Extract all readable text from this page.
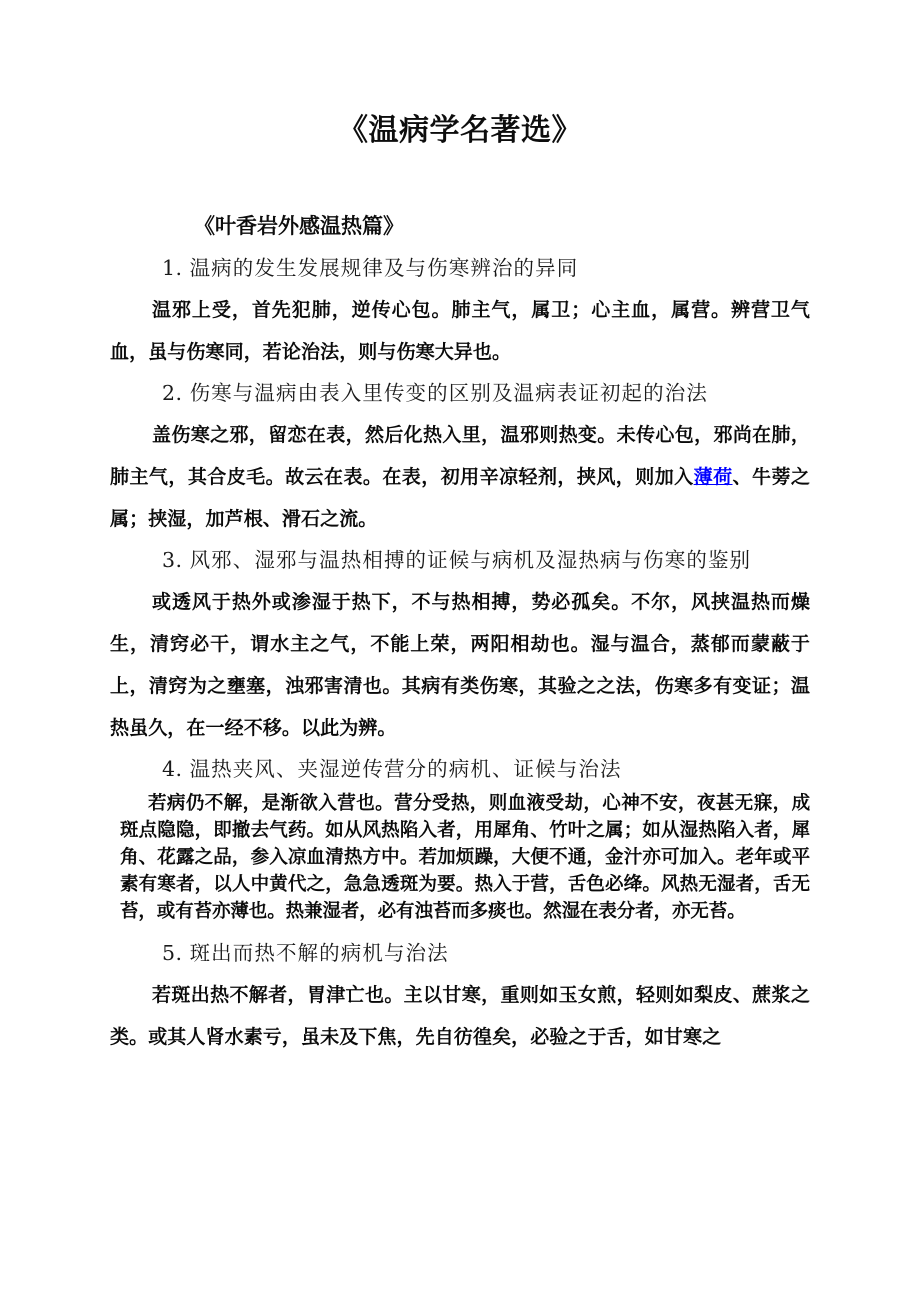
《温病学名著选》

《叶香岩外感温热篇》

1. 温病的发生发展规律及与伤寒辨治的异同

温邪上受，首先犯肺，逆传心包。肺主气，属卫；心主血，属营。辨营卫气血，虽与伤寒同，若论治法，则与伤寒大异也。

2. 伤寒与温病由表入里传变的区别及温病表证初起的治法

盖伤寒之邪，留恋在表，然后化热入里，温邪则热变。未传心包，邪尚在肺，肺主气，其合皮毛。故云在表。在表，初用辛凉轻剂，挟风，则加入薄荷、牛蒡之属；挟湿，加芦根、滑石之流。

3. 风邪、湿邪与温热相搏的证候与病机及湿热病与伤寒的鉴别

或透风于热外或渗湿于热下，不与热相搏，势必孤矣。不尔，风挟温热而燥生，清窍必干，谓水主之气，不能上荣，两阳相劫也。湿与温合，蒸郁而蒙蔽于上，清窍为之壅塞，浊邪害清也。其病有类伤寒，其验之之法，伤寒多有变证；温热虽久，在一经不移。以此为辨。

4. 温热夹风、夹湿逆传营分的病机、证候与治法

若病仍不解，是渐欲入营也。营分受热，则血液受劫，心神不安，夜甚无寐，成斑点隐隐，即撤去气药。如从风热陷入者，用犀角、竹叶之属；如从湿热陷入者，犀角、花露之品，参入凉血清热方中。若加烦躁，大便不通，金汁亦可加入。老年或平素有寒者，以人中黄代之，急急透斑为要。热入于营，舌色必绛。风热无湿者，舌无苔，或有苔亦薄也。热兼湿者，必有浊苔而多痰也。然湿在表分者，亦无苔。

5. 斑出而热不解的病机与治法

若斑出热不解者，胃津亡也。主以甘寒，重则如玉女煎，轻则如梨皮、蔗浆之类。或其人肾水素亏，虽未及下焦，先自彷徨矣，必验之于舌，如甘寒之
